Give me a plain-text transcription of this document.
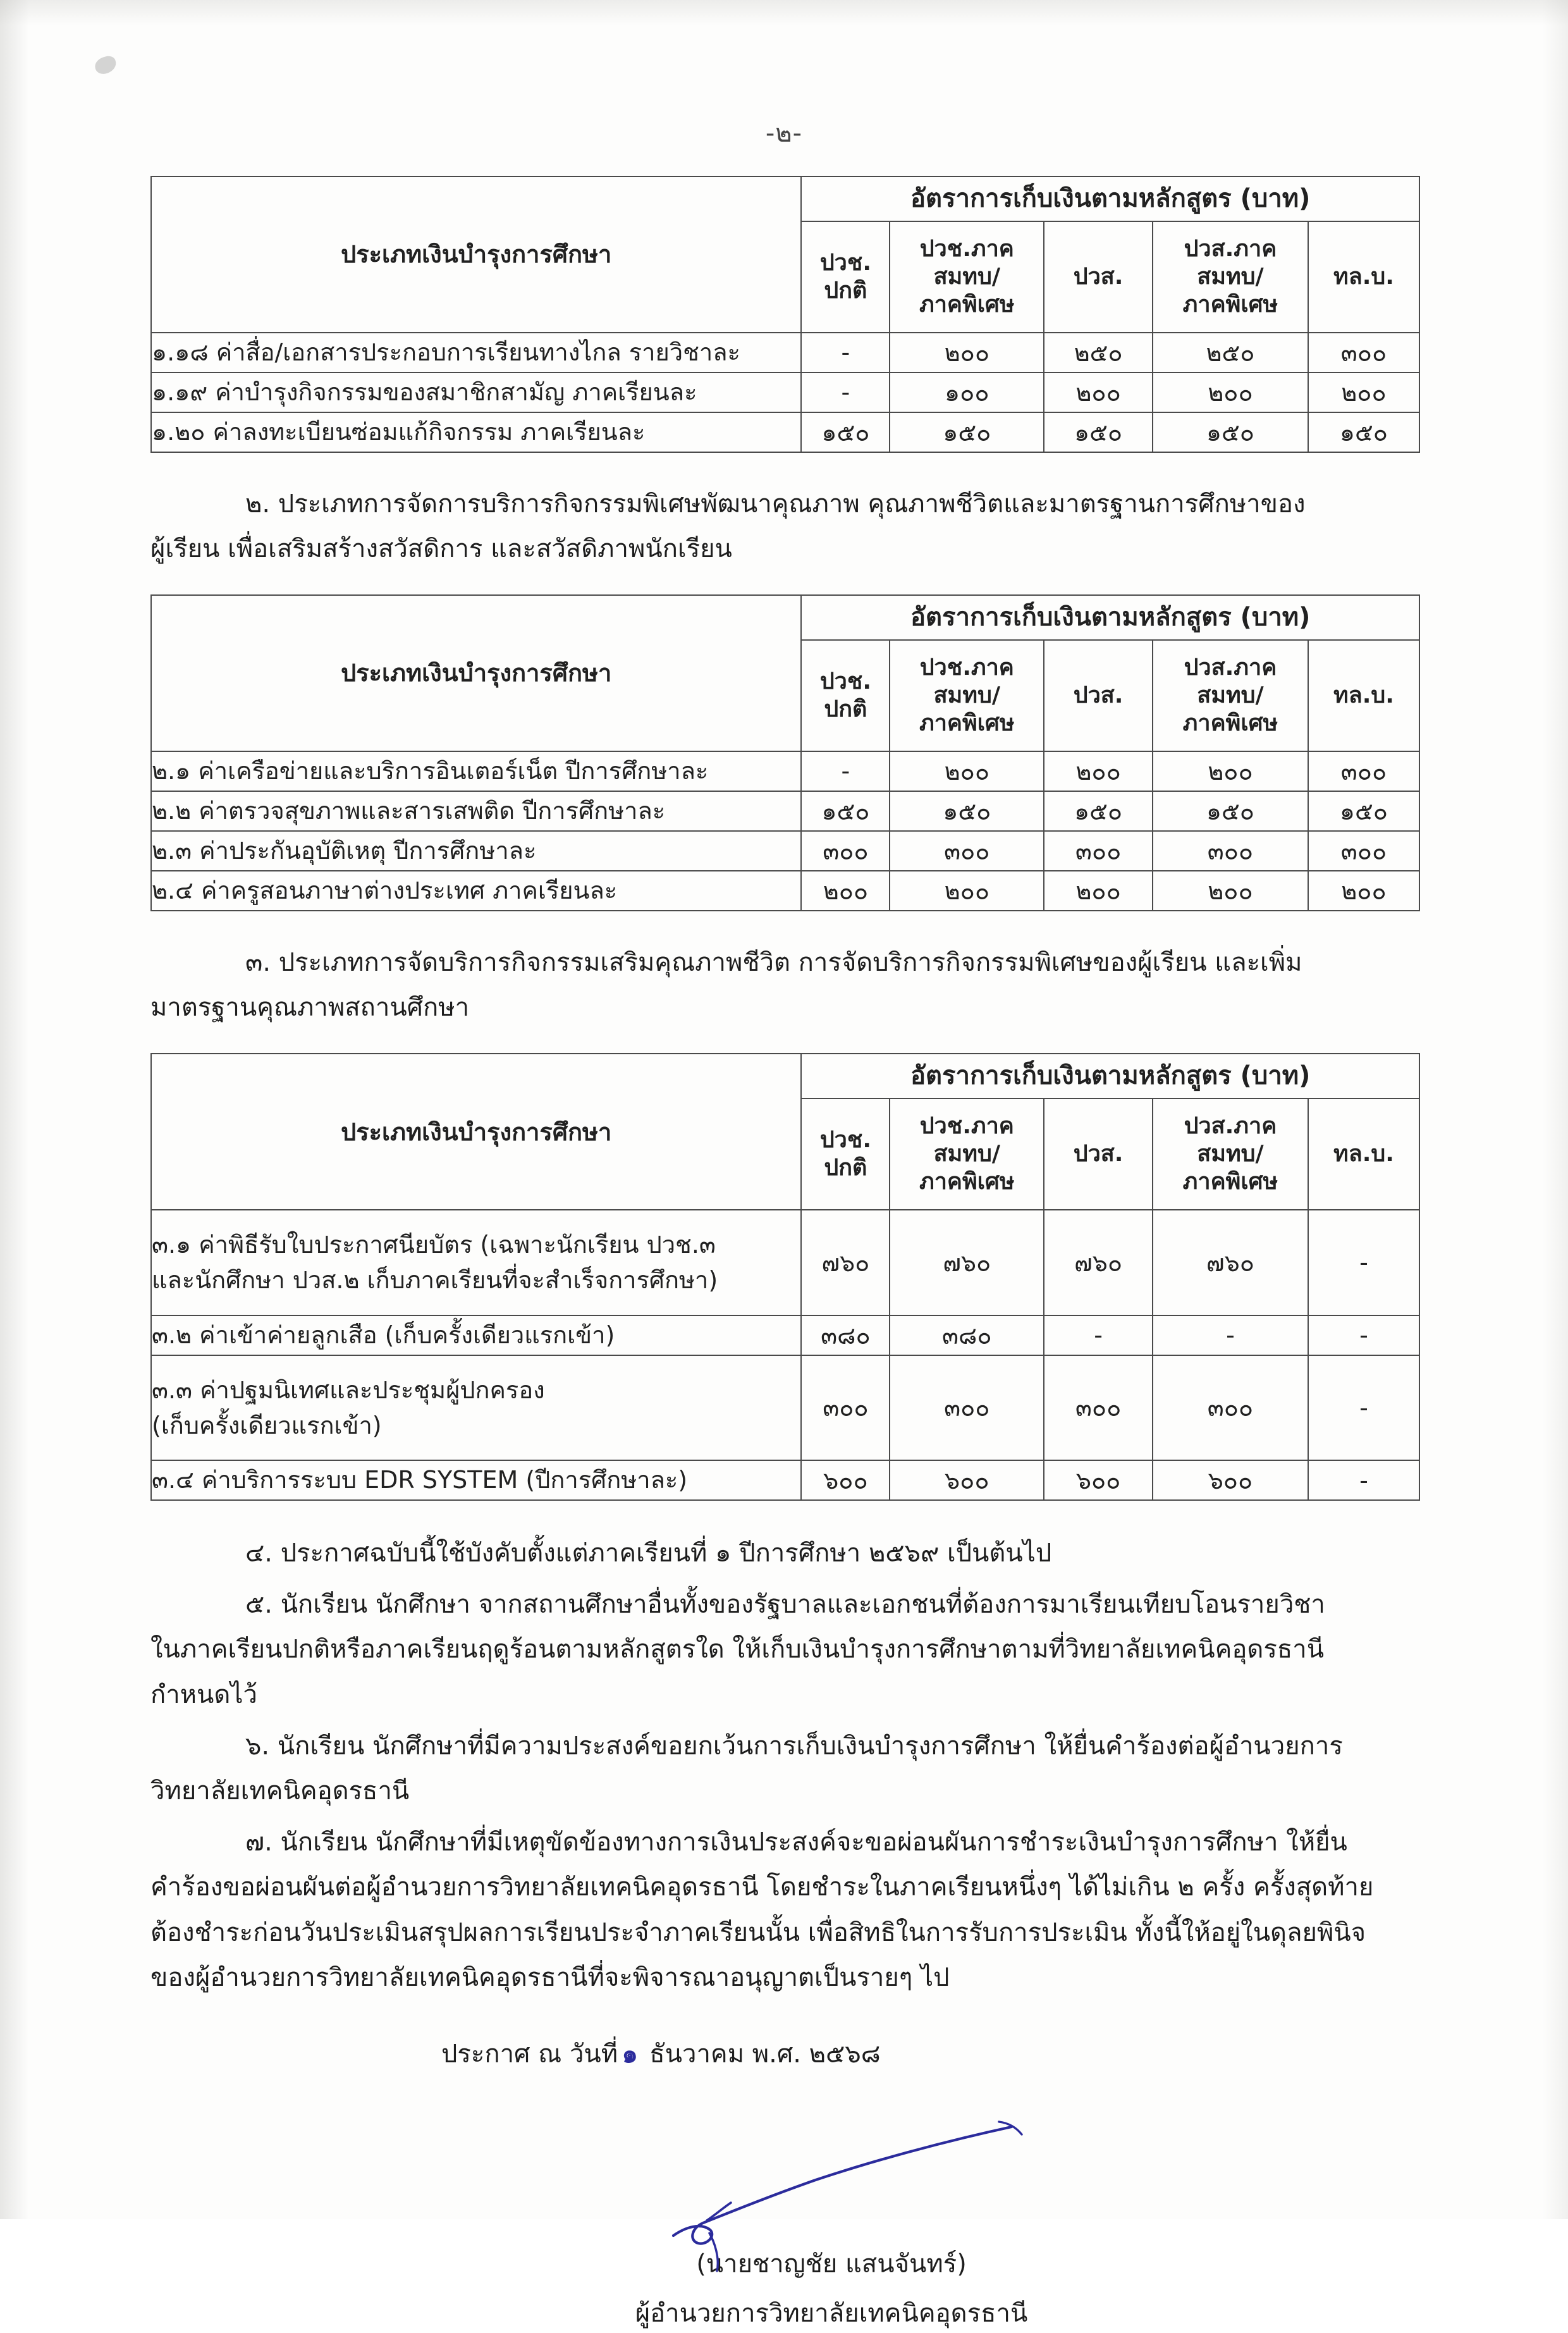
-๒-
ประเภทเงินบำรุงการศึกษา	อัตราการเก็บเงินตามหลักสูตร (บาท)				
	ปวช.
ปกติ	ปวช.ภาคสมทบ/
ภาคพิเศษ	ปวส.	ปวส.ภาคสมทบ/
ภาคพิเศษ	ทล.บ.
๑.๑๘ ค่าสื่อ/เอกสารประกอบการเรียนทางไกล รายวิชาละ	-	๒๐๐	๒๕๐	๒๕๐	๓๐๐
๑.๑๙ ค่าบำรุงกิจกรรมของสมาชิกสามัญ ภาคเรียนละ	-	๑๐๐	๒๐๐	๒๐๐	๒๐๐
๑.๒๐ ค่าลงทะเบียนซ่อมแก้กิจกรรม ภาคเรียนละ	๑๕๐	๑๕๐	๑๕๐	๑๕๐	๑๕๐

๒. ประเภทการจัดการบริการกิจกรรมพิเศษพัฒนาคุณภาพ คุณภาพชีวิตและมาตรฐานการศึกษาของ
ผู้เรียน เพื่อเสริมสร้างสวัสดิการ และสวัสดิภาพนักเรียน

ประเภทเงินบำรุงการศึกษา	อัตราการเก็บเงินตามหลักสูตร (บาท)				
	ปวช.
ปกติ	ปวช.ภาคสมทบ/
ภาคพิเศษ	ปวส.	ปวส.ภาคสมทบ/
ภาคพิเศษ	ทล.บ.
๒.๑ ค่าเครือข่ายและบริการอินเตอร์เน็ต ปีการศึกษาละ	-	๒๐๐	๒๐๐	๒๐๐	๓๐๐
๒.๒ ค่าตรวจสุขภาพและสารเสพติด ปีการศึกษาละ	๑๕๐	๑๕๐	๑๕๐	๑๕๐	๑๕๐
๒.๓ ค่าประกันอุบัติเหตุ ปีการศึกษาละ	๓๐๐	๓๐๐	๓๐๐	๓๐๐	๓๐๐
๒.๔ ค่าครูสอนภาษาต่างประเทศ ภาคเรียนละ	๒๐๐	๒๐๐	๒๐๐	๒๐๐	๒๐๐

๓. ประเภทการจัดบริการกิจกรรมเสริมคุณภาพชีวิต การจัดบริการกิจกรรมพิเศษของผู้เรียน และเพิ่ม
มาตรฐานคุณภาพสถานศึกษา

ประเภทเงินบำรุงการศึกษา	อัตราการเก็บเงินตามหลักสูตร (บาท)				
	ปวช.
ปกติ	ปวช.ภาคสมทบ/
ภาคพิเศษ	ปวส.	ปวส.ภาคสมทบ/
ภาคพิเศษ	ทล.บ.
๓.๑ ค่าพิธีรับใบประกาศนียบัตร (เฉพาะนักเรียน ปวช.๓
และนักศึกษา ปวส.๒ เก็บภาคเรียนที่จะสำเร็จการศึกษา)	๗๖๐	๗๖๐	๗๖๐	๗๖๐	-
๓.๒ ค่าเข้าค่ายลูกเสือ (เก็บครั้งเดียวแรกเข้า)	๓๘๐	๓๘๐	-	-	-
๓.๓ ค่าปฐมนิเทศและประชุมผู้ปกครอง
(เก็บครั้งเดียวแรกเข้า)	๓๐๐	๓๐๐	๓๐๐	๓๐๐	-
๓.๔ ค่าบริการระบบ EDR SYSTEM (ปีการศึกษาละ)	๖๐๐	๖๐๐	๖๐๐	๖๐๐	-

๔. ประกาศฉบับนี้ใช้บังคับตั้งแต่ภาคเรียนที่ ๑ ปีการศึกษา ๒๕๖๙ เป็นต้นไป

๕. นักเรียน นักศึกษา จากสถานศึกษาอื่นทั้งของรัฐบาลและเอกชนที่ต้องการมาเรียนเทียบโอนรายวิชา
ในภาคเรียนปกติหรือภาคเรียนฤดูร้อนตามหลักสูตรใด ให้เก็บเงินบำรุงการศึกษาตามที่วิทยาลัยเทคนิคอุดรธานี
กำหนดไว้

๖. นักเรียน นักศึกษาที่มีความประสงค์ขอยกเว้นการเก็บเงินบำรุงการศึกษา ให้ยื่นคำร้องต่อผู้อำนวยการ
วิทยาลัยเทคนิคอุดรธานี

๗. นักเรียน นักศึกษาที่มีเหตุขัดข้องทางการเงินประสงค์จะขอผ่อนผันการชำระเงินบำรุงการศึกษา ให้ยื่น
คำร้องขอผ่อนผันต่อผู้อำนวยการวิทยาลัยเทคนิคอุดรธานี โดยชำระในภาคเรียนหนึ่งๆ ได้ไม่เกิน ๒ ครั้ง ครั้งสุดท้าย
ต้องชำระก่อนวันประเมินสรุปผลการเรียนประจำภาคเรียนนั้น เพื่อสิทธิในการรับการประเมิน ทั้งนี้ให้อยู่ในดุลยพินิจ
ของผู้อำนวยการวิทยาลัยเทคนิคอุดรธานีที่จะพิจารณาอนุญาตเป็นรายๆ ไป

ประกาศ ณ วันที่๑ ธันวาคม พ.ศ. ๒๕๖๘
(นายชาญชัย แสนจันทร์)
ผู้อำนวยการวิทยาลัยเทคนิคอุดรธานี
